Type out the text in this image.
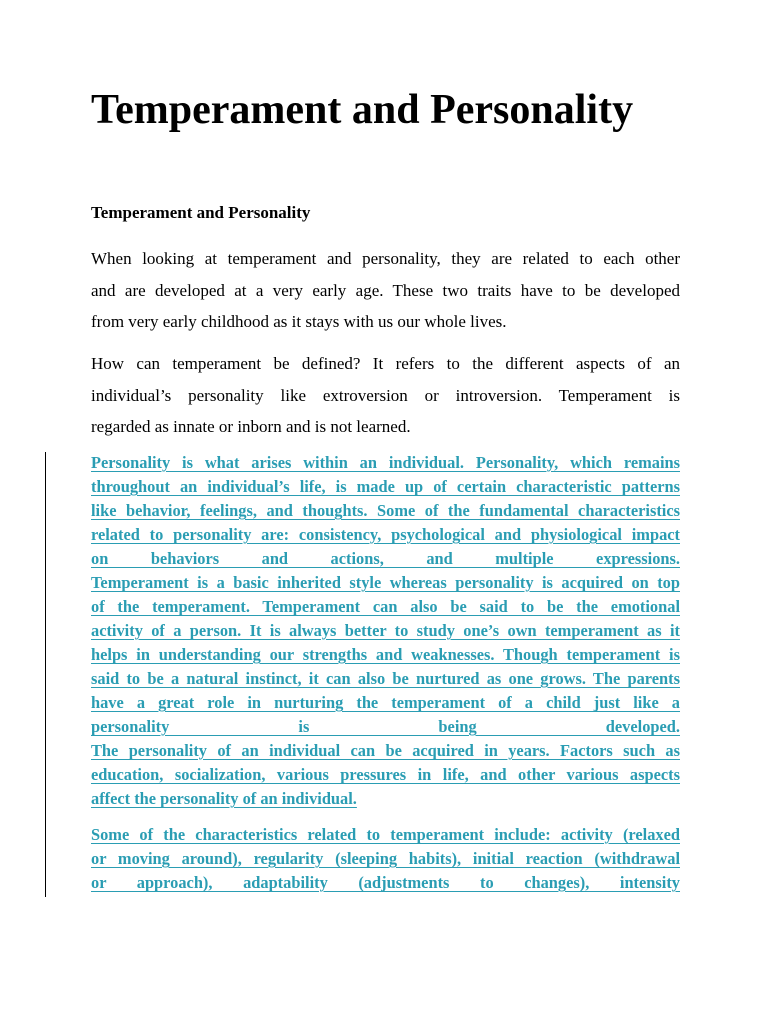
Temperament and Personality
Temperament and Personality

When looking at temperament and personality, they are related to each other
and are developed at a very early age. These two traits have to be developed
from very early childhood as it stays with us our whole lives.

How can temperament be defined? It refers to the different aspects of an
individual’s personality like extroversion or introversion. Temperament is
regarded as innate or inborn and is not learned.

Personality is what arises within an individual. Personality, which remains
throughout an individual’s life, is made up of certain characteristic patterns
like behavior, feelings, and thoughts. Some of the fundamental characteristics
related to personality are: consistency, psychological and physiological impact
on behaviors and actions, and multiple expressions.
Temperament is a basic inherited style whereas personality is acquired on top
of the temperament. Temperament can also be said to be the emotional
activity of a person. It is always better to study one’s own temperament as it
helps in understanding our strengths and weaknesses. Though temperament is
said to be a natural instinct, it can also be nurtured as one grows. The parents
have a great role in nurturing the temperament of a child just like a
personality is being developed.
The personality of an individual can be acquired in years. Factors such as
education, socialization, various pressures in life, and other various aspects
affect the personality of an individual.

Some of the characteristics related to temperament include: activity (relaxed
or moving around), regularity (sleeping habits), initial reaction (withdrawal
or approach), adaptability (adjustments to changes), intensity
